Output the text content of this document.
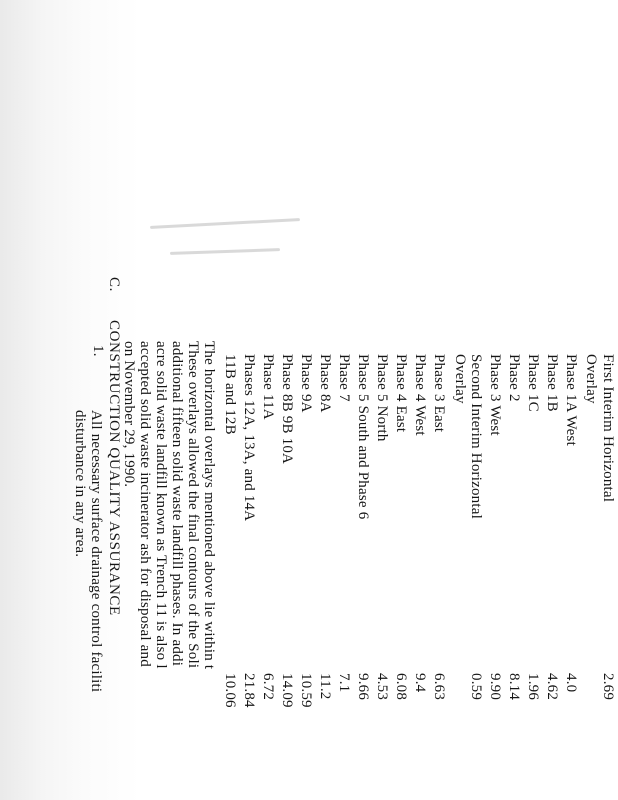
First Interim Horizontal
2.69
Overlay
Phase 1A West
4.0
Phase 1B
4.62
Phase 1C
1.96
Phase 2
8.14
Phase 3 West
9.90
Second Interim Horizontal
0.59
Overlay
Phase 3 East
6.63
Phase 4 West
9.4
Phase 4 East
6.08
Phase 5 North
4.53
Phase 5 South and Phase 6
9.66
Phase 7
7.1
Phase 8A
11.2
Phase 9A
10.59
Phase 8B 9B 10A
14.09
Phase 11A
6.72
Phases 12A, 13A, and 14A
21.84
11B and 12B
10.06
The horizontal overlays mentioned above lie within t
These overlays allowed the final contours of the Soli
additional fifteen solid waste landfill phases. In addi
acre solid waste landfill known as Trench 11 is also l
accepted solid waste incinerator ash for disposal and
on November 29, 1990.
C.
CONSTRUCTION QUALITY ASSURANCE
1.
All necessary surface drainage control faciliti
disturbance in any area.
